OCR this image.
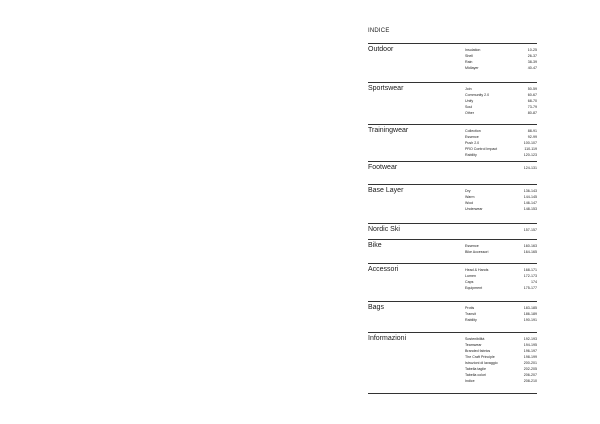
INDICE
Outdoor	Insulation	10-25
Shell	26-37
Rain	38-39
Midlayer	40-47
Sportswear	Join	50-59
Community 2.0	60-67
Unify	68-70
Soul	73-79
Other	80-87
Trainingwear	Collection	88-91
Essence	92-99
Push 2.0	100-107
PRO Control Impact	110-119
Rability	120-123
Footwear	124-131
Base Layer	Dry	136-143
Warm	144-145
Wool	146-147
Underwear	148-153
Nordic Ski	157-157
Bike	Essence	160-163
Bike Accessori	164-165
Accessori	Head & Hands	168-171
Lumen	172-173
Caps	174
Equipment	175-177
Bags	Protis	183-185
Transit	186-189
Rability	190-191
Informazioni	Sostenibilità	192-193
Teamwear	194-195
Branded fabrics	196-197
The Craft Principle	198-199
Istruzioni di lavaggio	200-201
Tabella taglie	202-205
Tabella colori	206-207
Indice	208-210
